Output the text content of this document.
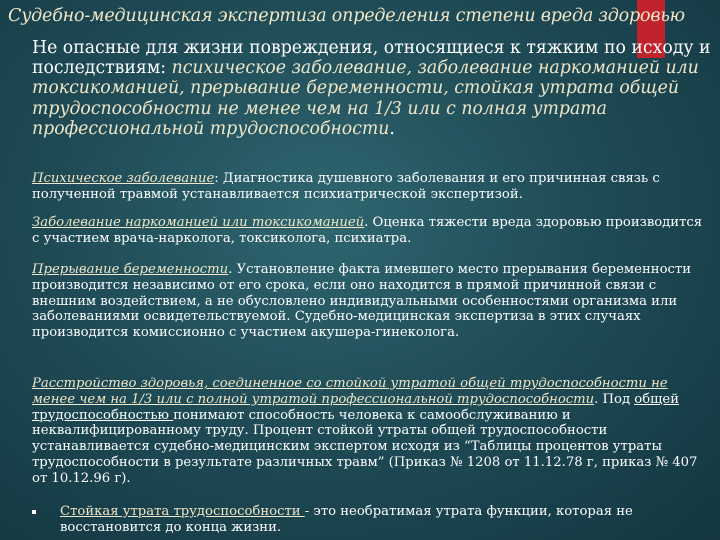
Судебно-медицинская экспертиза определения степени вреда здоровью
Не опасные для жизни повреждения, относящиеся к тяжким по исходу и последствиям: психическое заболевание, заболевание наркоманией или токсикоманией, прерывание беременности, стойкая утрата общей трудоспособности не менее чем на 1/3 или с полная утрата профессиональной трудоспособности.
Психическое заболевание: Диагностика душевного заболевания и его причинная связь с полученной травмой устанавливается психиатрической экспертизой.
Заболевание наркоманией или токсикоманией. Оценка тяжести вреда здоровью производится с участием врача-нарколога, токсиколога, психиатра.
Прерывание беременности. Установление факта имевшего место прерывания беременности производится независимо от его срока, если оно находится в прямой причинной связи с внешним воздействием, а не обусловлено индивидуальными особенностями организма или заболеваниями освидетельствуемой. Судебно-медицинская экспертиза в этих случаях производится комиссионно с участием акушера-гинеколога.
Расстройство здоровья, соединенное со стойкой утратой общей трудоспособности не менее чем на 1/3 или с полной утратой профессиональной трудоспособности. Под общей трудоспособностью понимают способность человека к самообслуживанию и неквалифицированному труду. Процент стойкой утраты общей трудоспособности устанавливается судебно-медицинским экспертом исходя из “Таблицы процентов утраты трудоспособности в результате различных травм” (Приказ № 1208 от 11.12.78 г, приказ № 407 от 10.12.96 г).
Стойкая утрата трудоспособности - это необратимая утрата функции, которая не восстановится до конца жизни.
